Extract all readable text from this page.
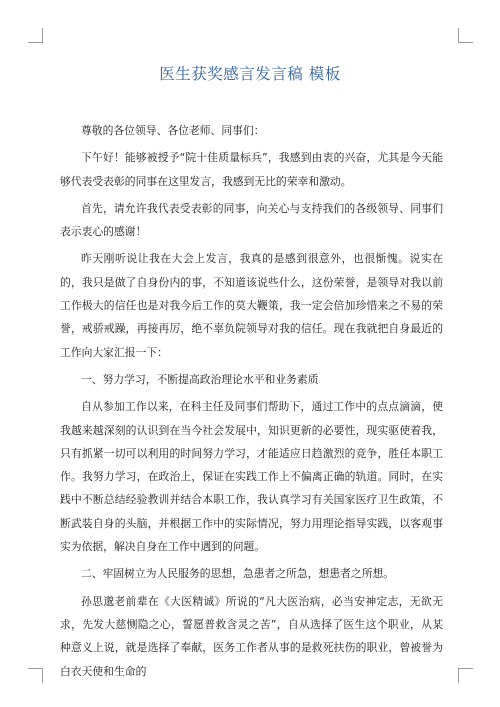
医生获奖感言发言稿 模板

尊敬的各位领导、各位老师、同事们：

下午好！能够被授予“院十佳质量标兵”，我感到由衷的兴奋，尤其是今天能够代表受表彰的同事在这里发言，我感到无比的荣幸和激动。

首先，请允许我代表受表彰的同事，向关心与支持我们的各级领导、同事们表示衷心的感谢！

昨天刚听说让我在大会上发言，我真的是感到很意外，也很惭愧。说实在的，我只是做了自身份内的事，不知道该说些什么，这份荣誉，是领导对我以前工作极大的信任也是对我今后工作的莫大鞭策，我一定会倍加珍惜来之不易的荣誉，戒骄戒躁，再接再厉，绝不辜负院领导对我的信任。现在我就把自身最近的工作向大家汇报一下：

一、努力学习，不断提高政治理论水平和业务素质

自从参加工作以来，在科主任及同事们帮助下，通过工作中的点点滴滴，使我越来越深刻的认识到在当今社会发展中，知识更新的必要性，现实驱使着我，只有抓紧一切可以利用的时间努力学习，才能适应日趋激烈的竞争，胜任本职工作。我努力学习，在政治上，保证在实践工作上不偏离正确的轨道。同时，在实践中不断总结经验教训并结合本职工作，我认真学习有关国家医疗卫生政策，不断武装自身的头脑，并根据工作中的实际情况，努力用理论指导实践，以客观事实为依据，解决自身在工作中遇到的问题。

二、牢固树立为人民服务的思想，急患者之所急，想患者之所想。

孙思邈老前辈在《大医精诚》所说的“凡大医治病，必当安神定志，无欲无求，先发大慈恻隐之心，誓愿普救含灵之苦”，自从选择了医生这个职业，从某种意义上说，就是选择了奉献，医务工作者从事的是救死扶伤的职业，曾被誉为白衣天使和生命的
